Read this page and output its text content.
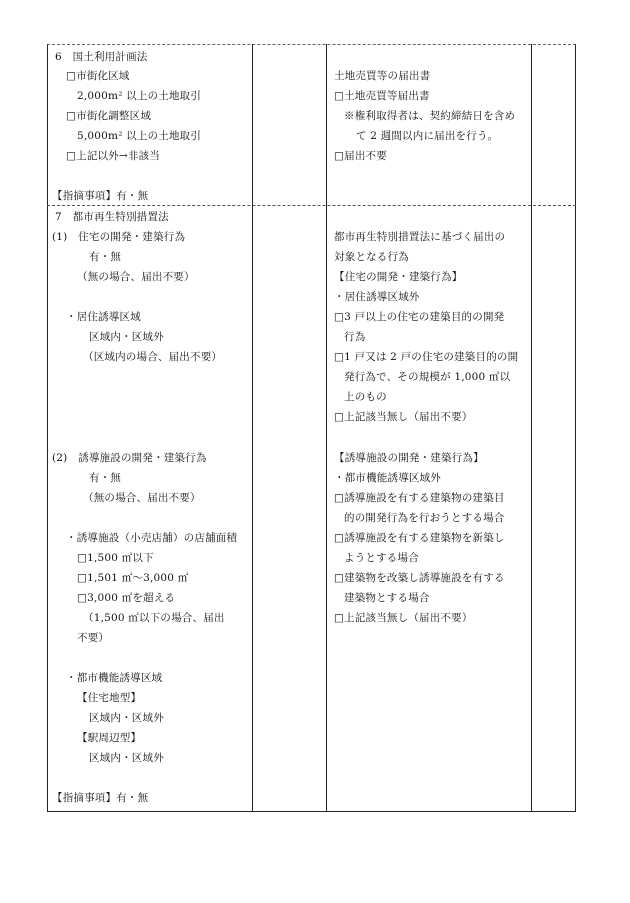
6　国土利用計画法
□市街化区域
2,000m² 以上の土地取引
□市街化調整区域
5,000m² 以上の土地取引
□上記以外→非該当
【指摘事項】有・無
土地売買等の届出書
□土地売買等届出書
※権利取得者は、契約締結日を含め
て 2 週間以内に届出を行う。
□届出不要
7　都市再生特別措置法
(1)　住宅の開発・建築行為
有・無
（無の場合、届出不要）
・居住誘導区域
区域内・区域外
（区域内の場合、届出不要）
(2)　誘導施設の開発・建築行為
有・無
（無の場合、届出不要）
・誘導施設（小売店舗）の店舗面積
□1,500 ㎡以下
□1,501 ㎡～3,000 ㎡
□3,000 ㎡を超える
（1,500 ㎡以下の場合、届出
不要）
・都市機能誘導区域
【住宅地型】
区域内・区域外
【駅周辺型】
区域内・区域外
【指摘事項】有・無
都市再生特別措置法に基づく届出の
対象となる行為
【住宅の開発・建築行為】
・居住誘導区域外
□3 戸以上の住宅の建築目的の開発
行為
□1 戸又は 2 戸の住宅の建築目的の開
発行為で、その規模が 1,000 ㎡以
上のもの
□上記該当無し（届出不要）
【誘導施設の開発・建築行為】
・都市機能誘導区域外
□誘導施設を有する建築物の建築目
的の開発行為を行おうとする場合
□誘導施設を有する建築物を新築し
ようとする場合
□建築物を改築し誘導施設を有する
建築物とする場合
□上記該当無し（届出不要）
